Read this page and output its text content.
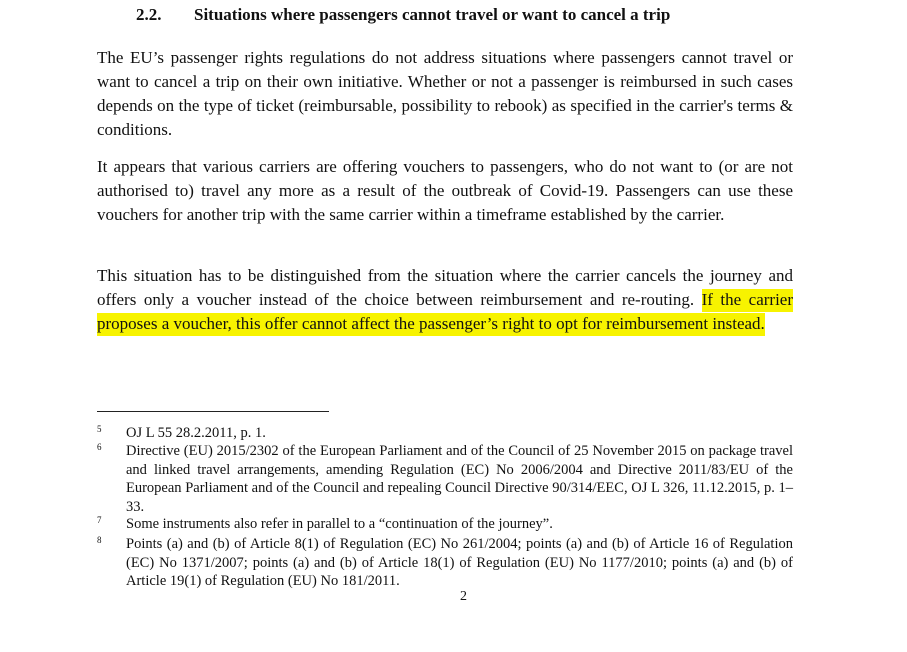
2.2. Situations where passengers cannot travel or want to cancel a trip

The EU’s passenger rights regulations do not address situations where passengers cannot travel or want to cancel a trip on their own initiative. Whether or not a passenger is reimbursed in such cases depends on the type of ticket (reimbursable, possibility to rebook) as specified in the carrier's terms & conditions.

It appears that various carriers are offering vouchers to passengers, who do not want to (or are not authorised to) travel any more as a result of the outbreak of Covid-19. Passengers can use these vouchers for another trip with the same carrier within a timeframe established by the carrier.

This situation has to be distinguished from the situation where the carrier cancels the journey and offers only a voucher instead of the choice between reimbursement and re-routing. If the carrier proposes a voucher, this offer cannot affect the passenger’s right to opt for reimbursement instead.

5 OJ L 55 28.2.2011, p. 1.
6 Directive (EU) 2015/2302 of the European Parliament and of the Council of 25 November 2015 on package travel and linked travel arrangements, amending Regulation (EC) No 2006/2004 and Directive 2011/83/EU of the European Parliament and of the Council and repealing Council Directive 90/314/EEC, OJ L 326, 11.12.2015, p. 1–33.
7 Some instruments also refer in parallel to a “continuation of the journey”.
8 Points (a) and (b) of Article 8(1) of Regulation (EC) No 261/2004; points (a) and (b) of Article 16 of Regulation (EC) No 1371/2007; points (a) and (b) of Article 18(1) of Regulation (EU) No 1177/2010; points (a) and (b) of Article 19(1) of Regulation (EU) No 181/2011.
2
